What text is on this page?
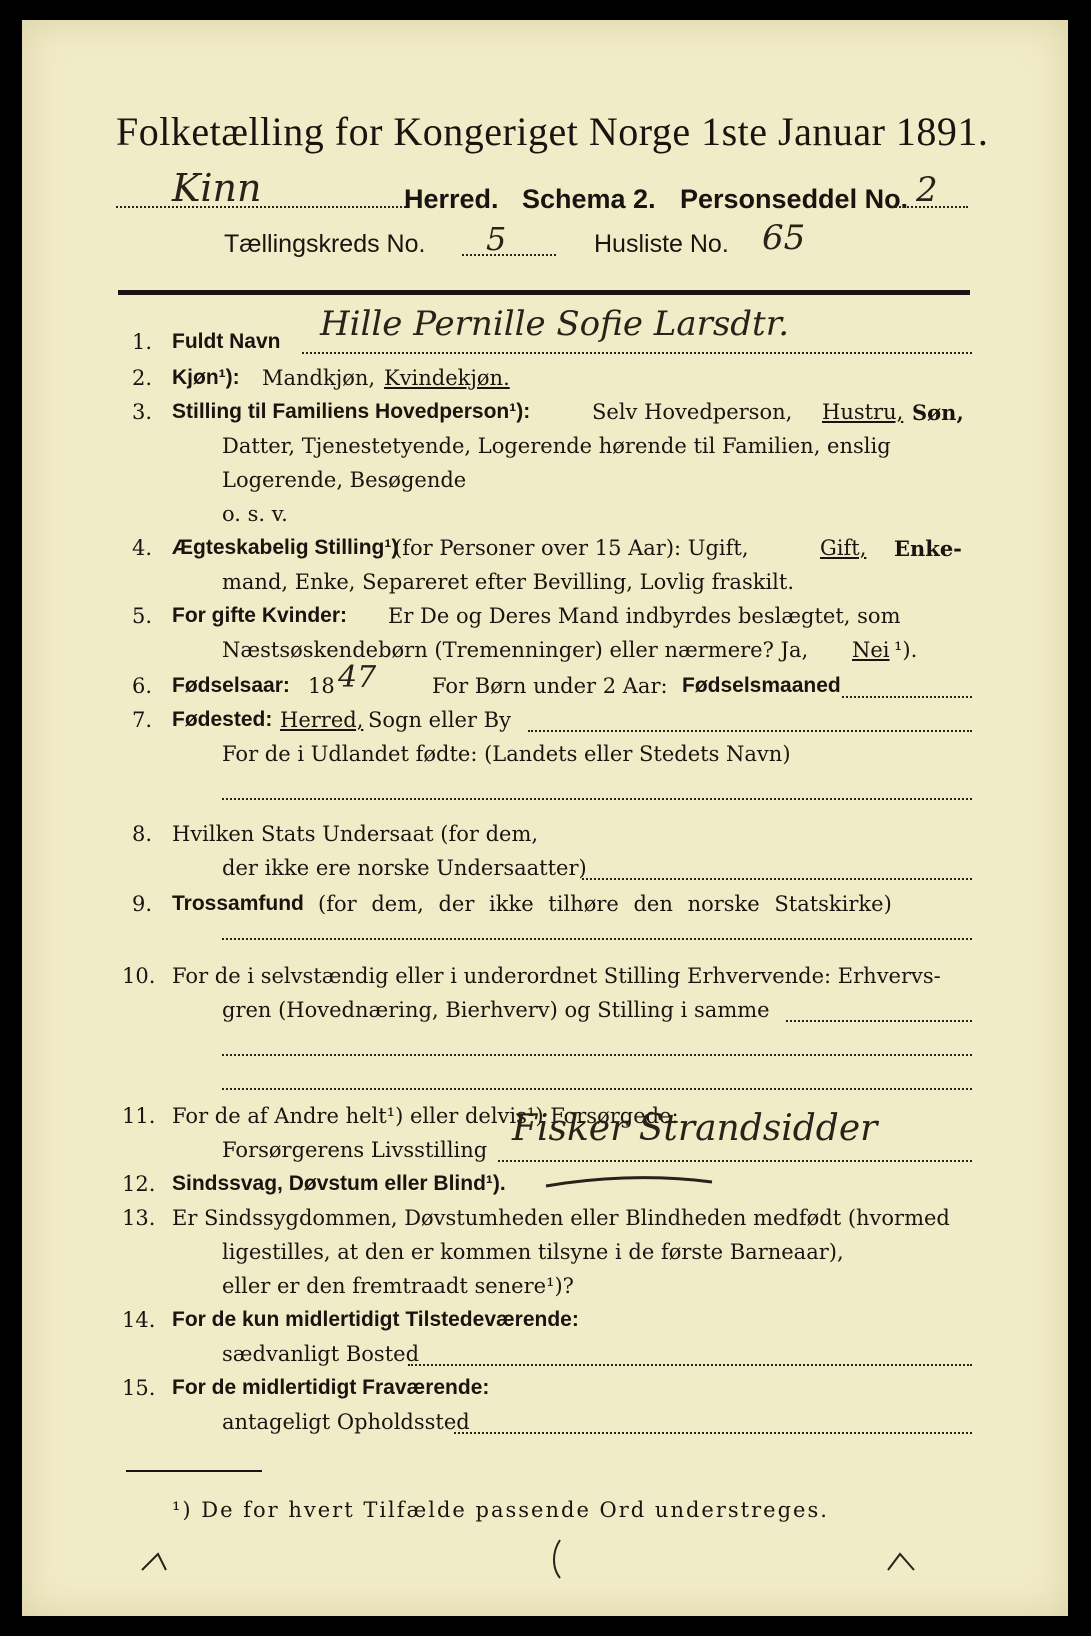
Folketælling for Kongeriget Norge 1ste Januar 1891.
Kinn	Herred. Schema 2. Personseddel No. 2
Tællingskreds No. 5	Husliste No. 65
1. Fuldt Navn Hille Pernille Sofie Larsdtr.
2. Kjøn¹): Mandkjøn, Kvindekjøn.
3. Stilling til Familiens Hovedperson¹):	Selv Hovedperson, Hustru, Søn,
Datter, Tjenestetyende, Logerende hørende til Familien, enslig
Logerende, Besøgende
o. s. v.
4. Ægteskabelig Stilling¹)
(for Personer over 15 Aar): Ugift,	Gift, Enke-
mand, Enke, Separeret efter Bevilling, Lovlig fraskilt.
5. For gifte Kvinder: Er De og Deres Mand indbyrdes beslægtet, som
Næstsøskendebørn (Tremenninger) eller nærmere? Ja, Nei ¹).
6. Fødselsaar: 18 47	For Børn under 2 Aar: Fødselsmaaned
7. Fødested: Herred, Sogn eller By
For de i Udlandet fødte: (Landets eller Stedets Navn)
8. Hvilken Stats Undersaat (for dem,
der ikke ere norske Undersaatter)
9. Trossamfund (for dem, der ikke tilhøre den norske Statskirke)
10. For de i selvstændig eller i underordnet Stilling Erhvervende: Erhvervs-
gren (Hovednæring, Bierhverv) og Stilling i samme
11. For de af Andre helt¹) eller delvis¹) Forsørgede:
Forsørgerens Livsstilling
Fisker Strandsidder
12. Sindssvag, Døvstum eller Blind¹).
13. Er Sindssygdommen, Døvstumheden eller Blindheden medfødt (hvormed
ligestilles, at den er kommen tilsyne i de første Barneaar),
eller er den fremtraadt senere¹)?
14. For de kun midlertidigt Tilstedeværende:
sædvanligt Bosted
15. For de midlertidigt Fraværende:
antageligt Opholdssted
¹) De for hvert Tilfælde passende Ord understreges.
